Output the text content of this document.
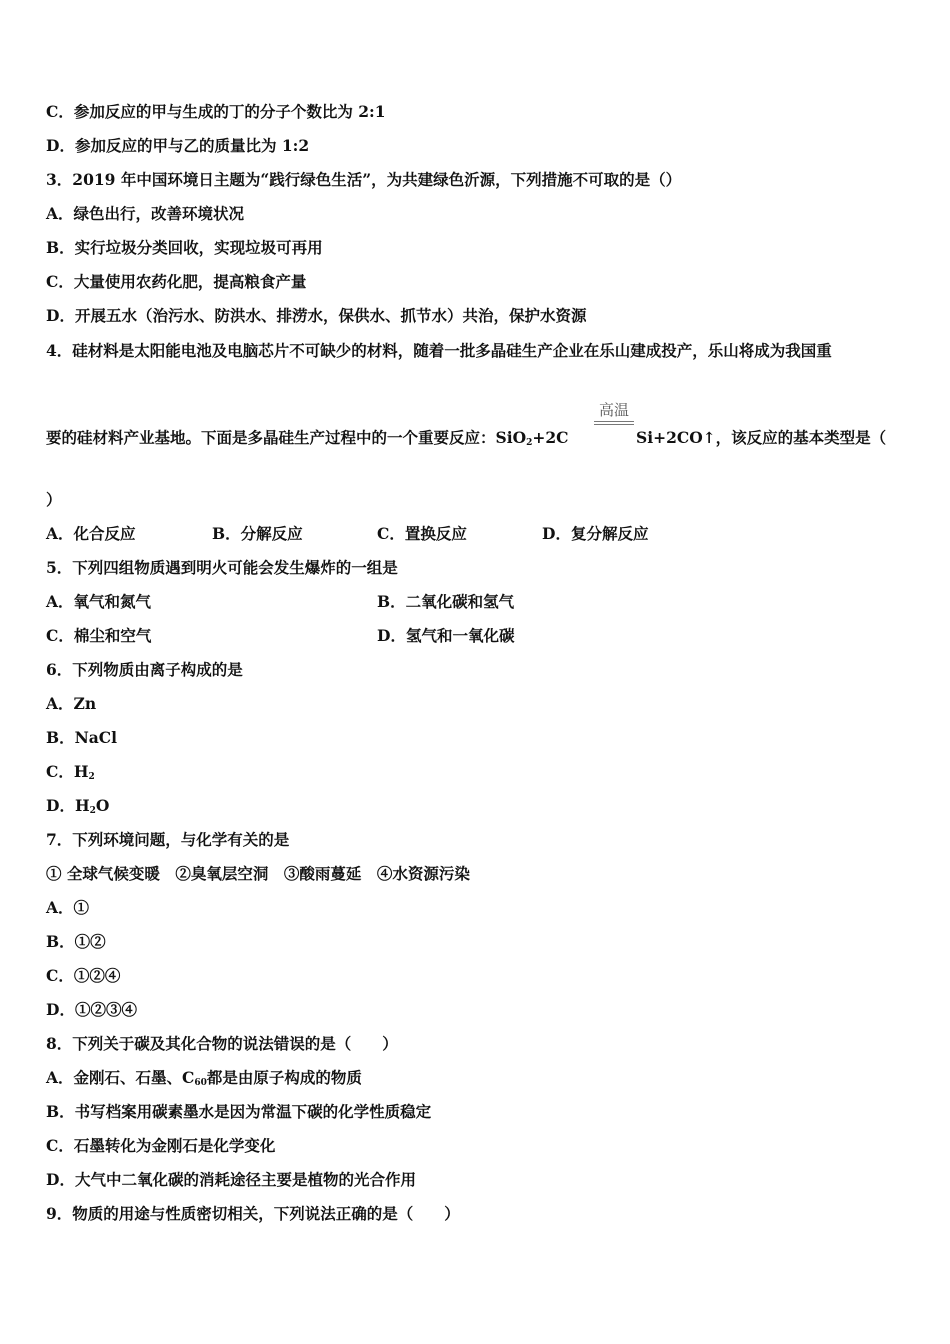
C．参加反应的甲与生成的丁的分子个数比为 2:1
D．参加反应的甲与乙的质量比为 1:2
3．2019 年中国环境日主题为“践行绿色生活”，为共建绿色沂源，下列措施不可取的是（）
A．绿色出行，改善环境状况
B．实行垃圾分类回收，实现垃圾可再用
C．大量使用农药化肥，提高粮食产量
D．开展五水（治污水、防洪水、排涝水，保供水、抓节水）共治，保护水资源
4．硅材料是太阳能电池及电脑芯片不可缺少的材料，随着一批多晶硅生产企业在乐山建成投产，乐山将成为我国重
要的硅材料产业基地。下面是多晶硅生产过程中的一个重要反应：SiO$_2$+2C
高温
Si+2CO↑，该反应的基本类型是（
）
A．化合反应	B．分解反应	C．置换反应	D．复分解反应
5．下列四组物质遇到明火可能会发生爆炸的一组是
A．氧气和氮气	B．二氧化碳和氢气
C．棉尘和空气	D．氢气和一氧化碳
6．下列物质由离子构成的是
A．Zn
B．NaCl
C．$H_2$
D．$H_2O$
7．下列环境问题，与化学有关的是
① 全球气候变暖　②臭氧层空洞　③酸雨蔓延　④水资源污染
A．①
B．①②
C．①②④
D．①②③④
8．下列关于碳及其化合物的说法错误的是（　　）
A．金刚石、石墨、$C_{60}$都是由原子构成的物质
B．书写档案用碳素墨水是因为常温下碳的化学性质稳定
C．石墨转化为金刚石是化学变化
D．大气中二氧化碳的消耗途径主要是植物的光合作用
9．物质的用途与性质密切相关，下列说法正确的是（　　）
